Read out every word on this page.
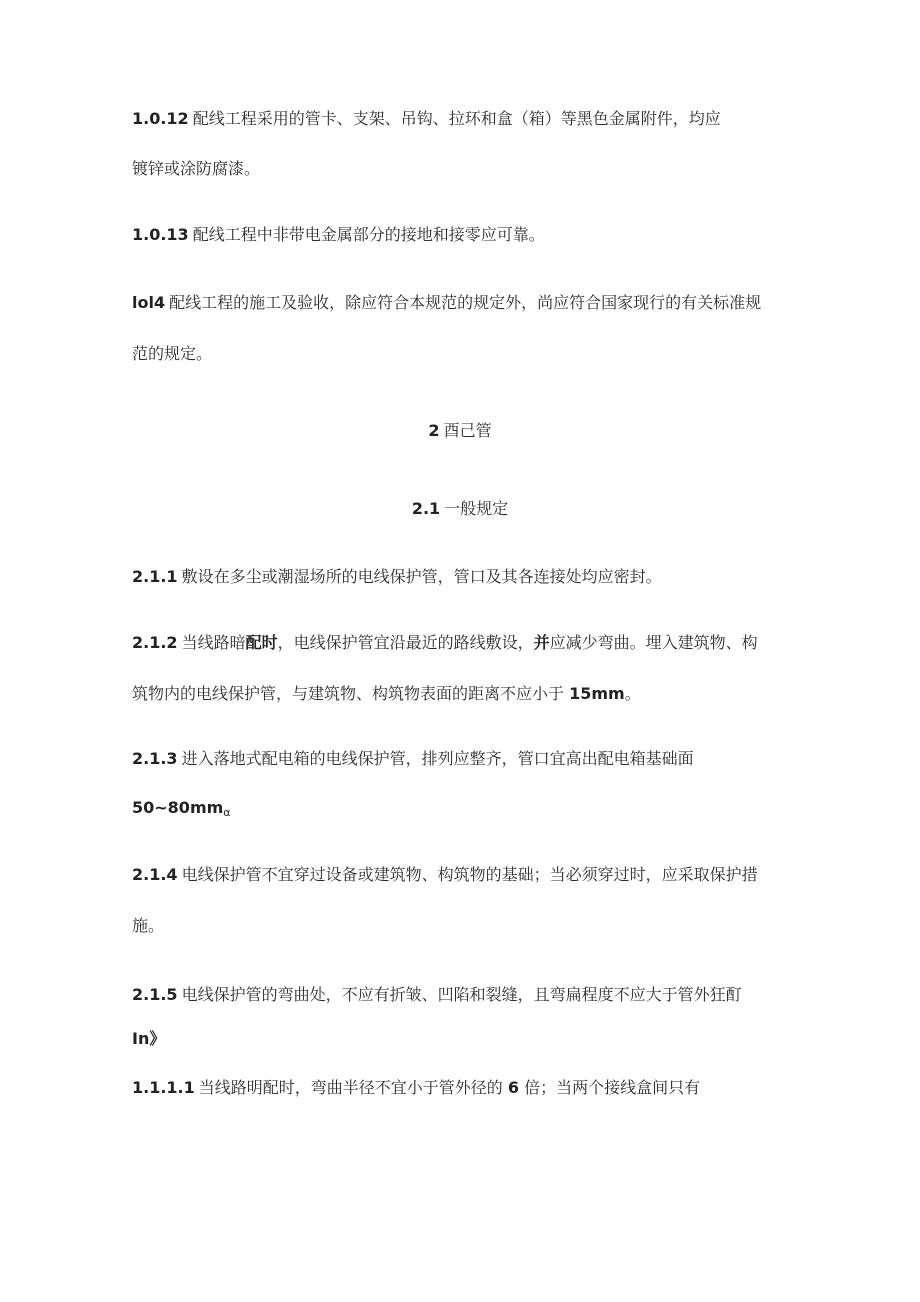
1.0.12 配线工程采用的管卡、支架、吊钩、拉环和盒（箱）等黑色金属附件，均应
镀锌或涂防腐漆。
1.0.13 配线工程中非带电金属部分的接地和接零应可靠。
lol4 配线工程的施工及验收，除应符合本规范的规定外，尚应符合国家现行的有关标准规
范的规定。
2 酉己管
2.1 一般规定
2.1.1 敷设在多尘或潮湿场所的电线保护管，管口及其各连接处均应密封。
2.1.2 当线路暗配时，电线保护管宜沿最近的路线敷设，并应减少弯曲。埋入建筑物、构
筑物内的电线保护管，与建筑物、构筑物表面的距离不应小于 15mm。
2.1.3 进入落地式配电箱的电线保护管，排列应整齐，管口宜高出配电箱基础面
$50\sim 80mm_\alpha$
2.1.4 电线保护管不宜穿过设备或建筑物、构筑物的基础；当必须穿过时，应采取保护措
施。
2.1.5 电线保护管的弯曲处，不应有折皱、凹陷和裂缝，且弯扁程度不应大于管外狂酊
In》
1.1.1.1 当线路明配时，弯曲半径不宜小于管外径的 6 倍；当两个接线盒间只有
